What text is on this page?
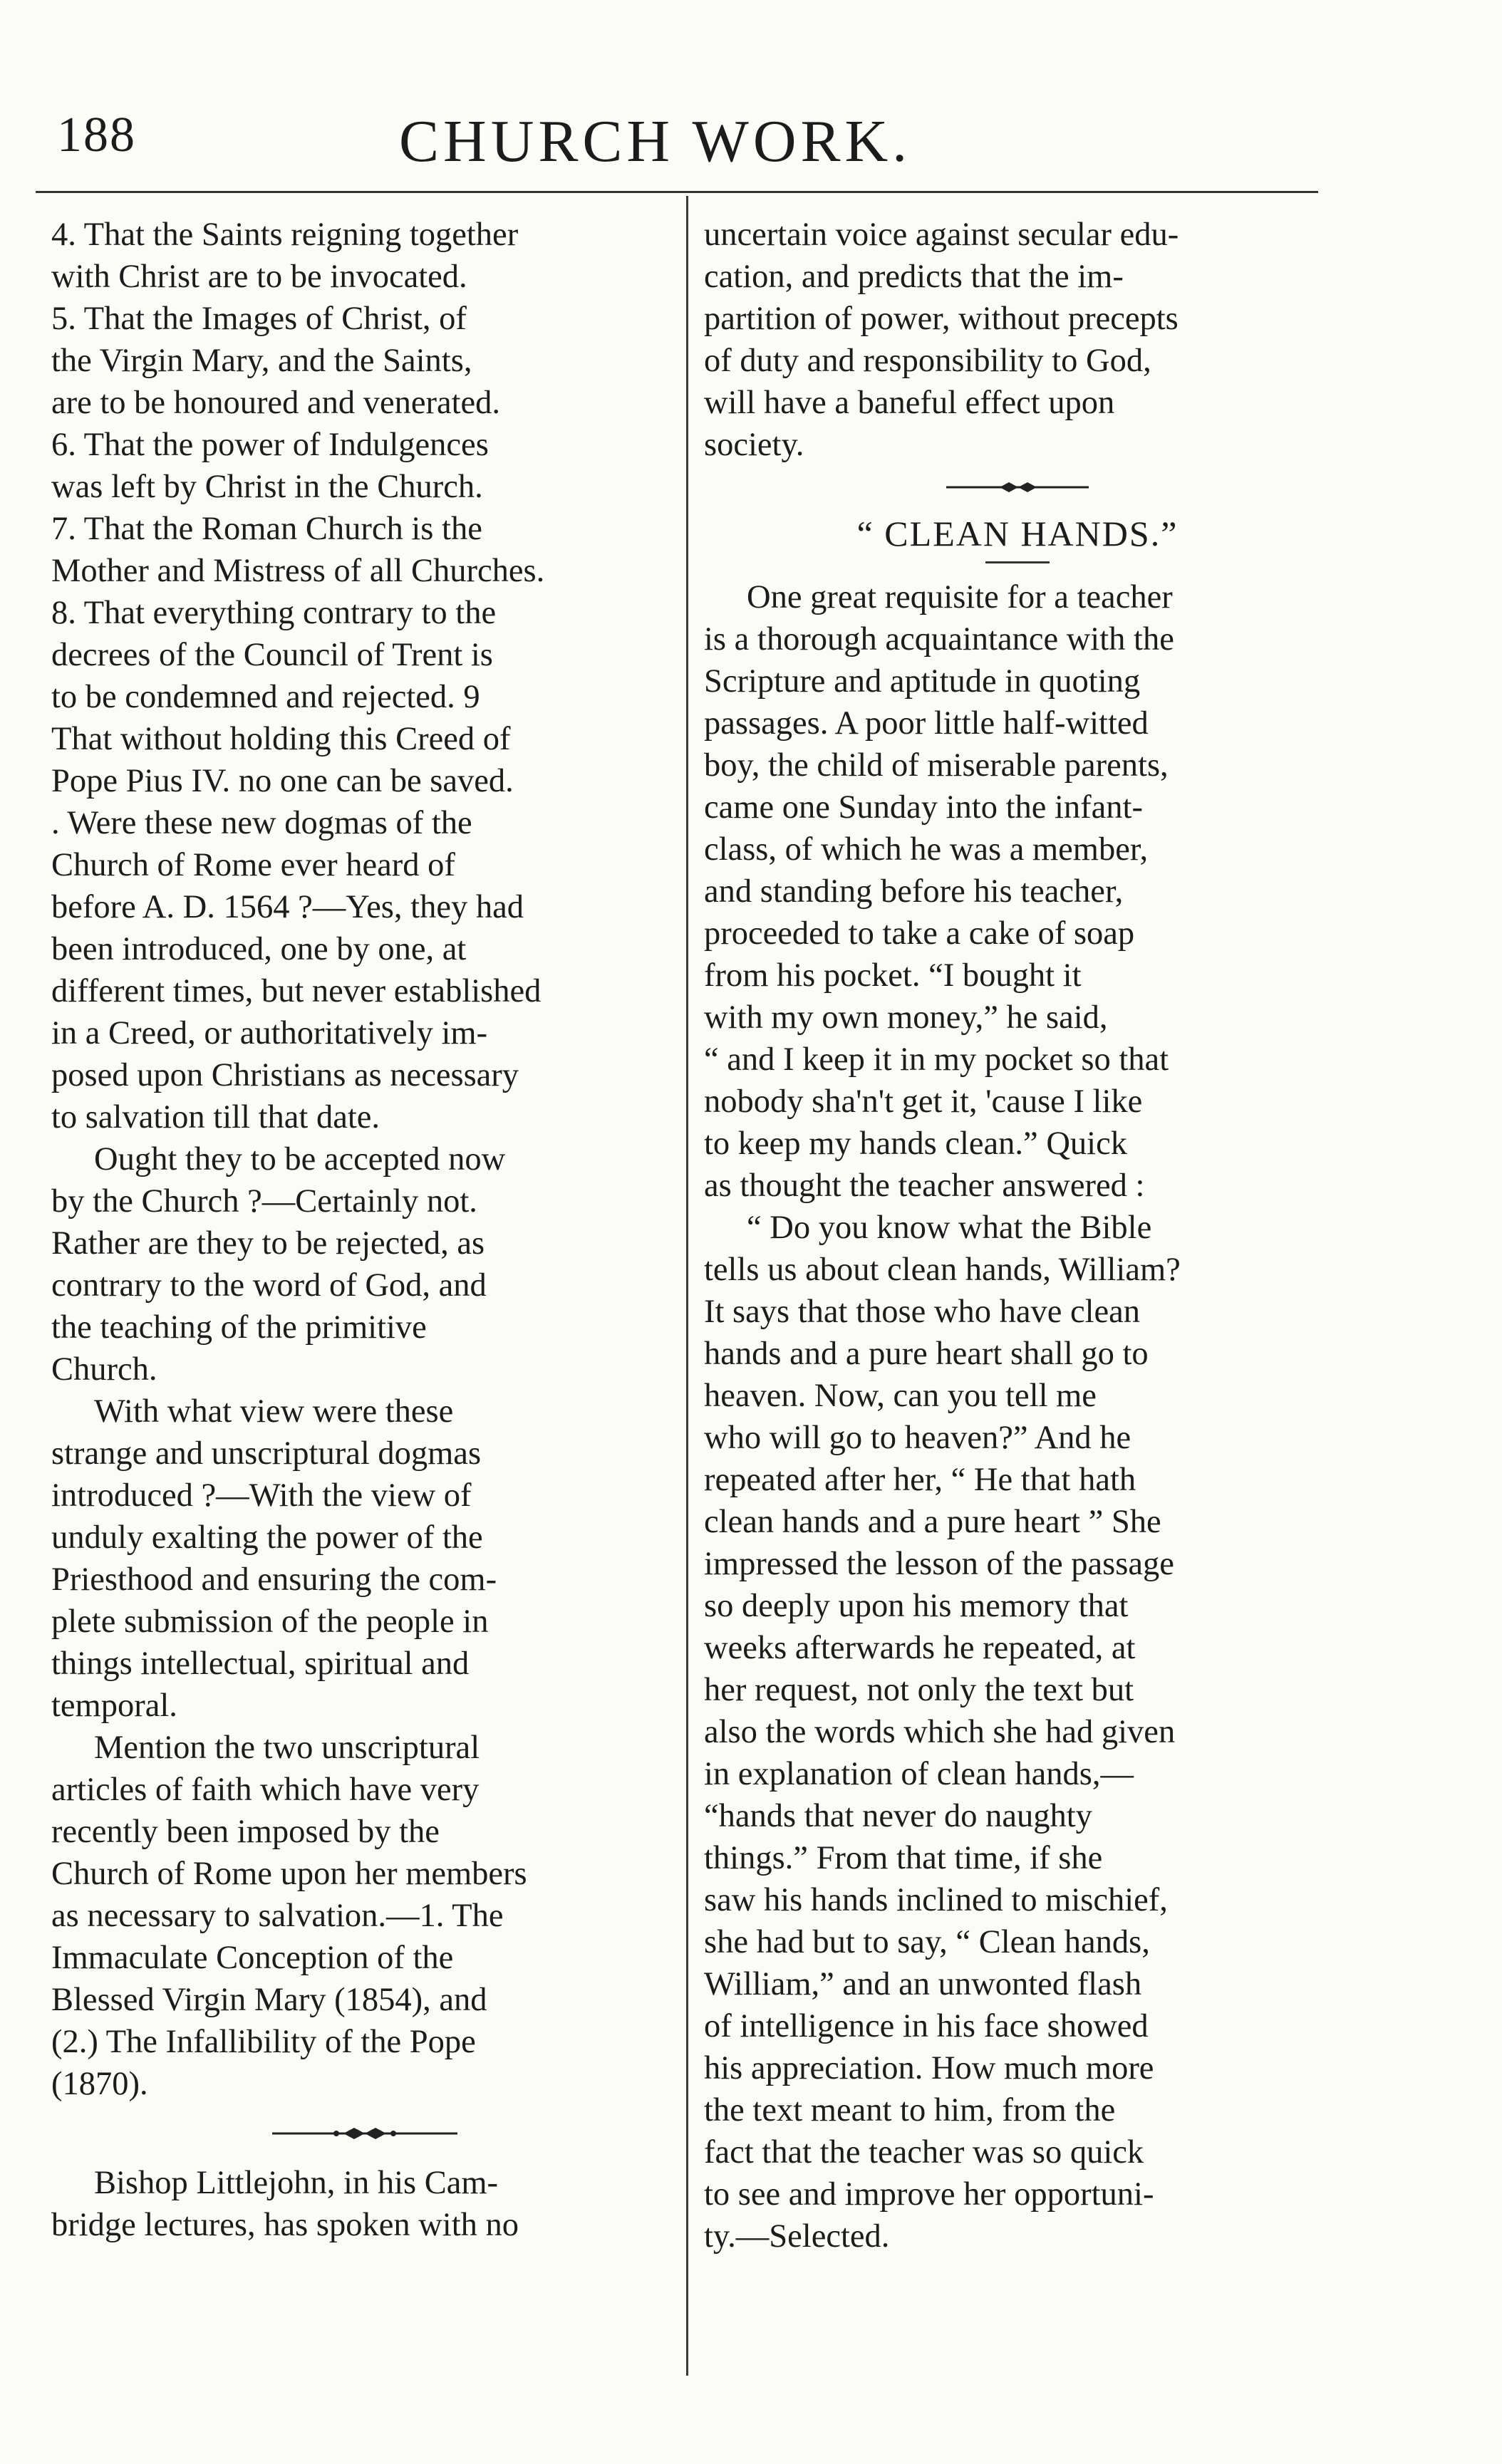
188	CHURCH WORK.
4. That the Saints reigning together
with Christ are to be invocated.
5. That the Images of Christ, of
the Virgin Mary, and the Saints,
are to be honoured and venerated.
6. That the power of Indulgences
was left by Christ in the Church.
7. That the Roman Church is the
Mother and Mistress of all Churches.
8. That everything contrary to the
decrees of the Council of Trent is
to be condemned and rejected. 9
That without holding this Creed of
Pope Pius IV. no one can be saved.
. Were these new dogmas of the
Church of Rome ever heard of
before A. D. 1564 ?—Yes, they had
been introduced, one by one, at
different times, but never established
in a Creed, or authoritatively im-
posed upon Christians as necessary
to salvation till that date.
Ought they to be accepted now
by the Church ?—Certainly not.
Rather are they to be rejected, as
contrary to the word of God, and
the teaching of the primitive
Church.
With what view were these
strange and unscriptural dogmas
introduced ?—With the view of
unduly exalting the power of the
Priesthood and ensuring the com-
plete submission of the people in
things intellectual, spiritual and
temporal.
Mention the two unscriptural
articles of faith which have very
recently been imposed by the
Church of Rome upon her members
as necessary to salvation.—1. The
Immaculate Conception of the
Blessed Virgin Mary (1854), and
(2.) The Infallibility of the Pope
(1870).
Bishop Littlejohn, in his Cam-
bridge lectures, has spoken with no
uncertain voice against secular edu-
cation, and predicts that the im-
partition of power, without precepts
of duty and responsibility to God,
will have a baneful effect upon
society.
“ CLEAN HANDS.”
One great requisite for a teacher
is a thorough acquaintance with the
Scripture and aptitude in quoting
passages. A poor little half-witted
boy, the child of miserable parents,
came one Sunday into the infant-
class, of which he was a member,
and standing before his teacher,
proceeded to take a cake of soap
from his pocket. “I bought it
with my own money,” he said,
“ and I keep it in my pocket so that
nobody sha'n't get it, 'cause I like
to keep my hands clean.” Quick
as thought the teacher answered :
“ Do you know what the Bible
tells us about clean hands, William?
It says that those who have clean
hands and a pure heart shall go to
heaven. Now, can you tell me
who will go to heaven?” And he
repeated after her, “ He that hath
clean hands and a pure heart ” She
impressed the lesson of the passage
so deeply upon his memory that
weeks afterwards he repeated, at
her request, not only the text but
also the words which she had given
in explanation of clean hands,—
“hands that never do naughty
things.” From that time, if she
saw his hands inclined to mischief,
she had but to say, “ Clean hands,
William,” and an unwonted flash
of intelligence in his face showed
his appreciation. How much more
the text meant to him, from the
fact that the teacher was so quick
to see and improve her opportuni-
ty.—Selected.
